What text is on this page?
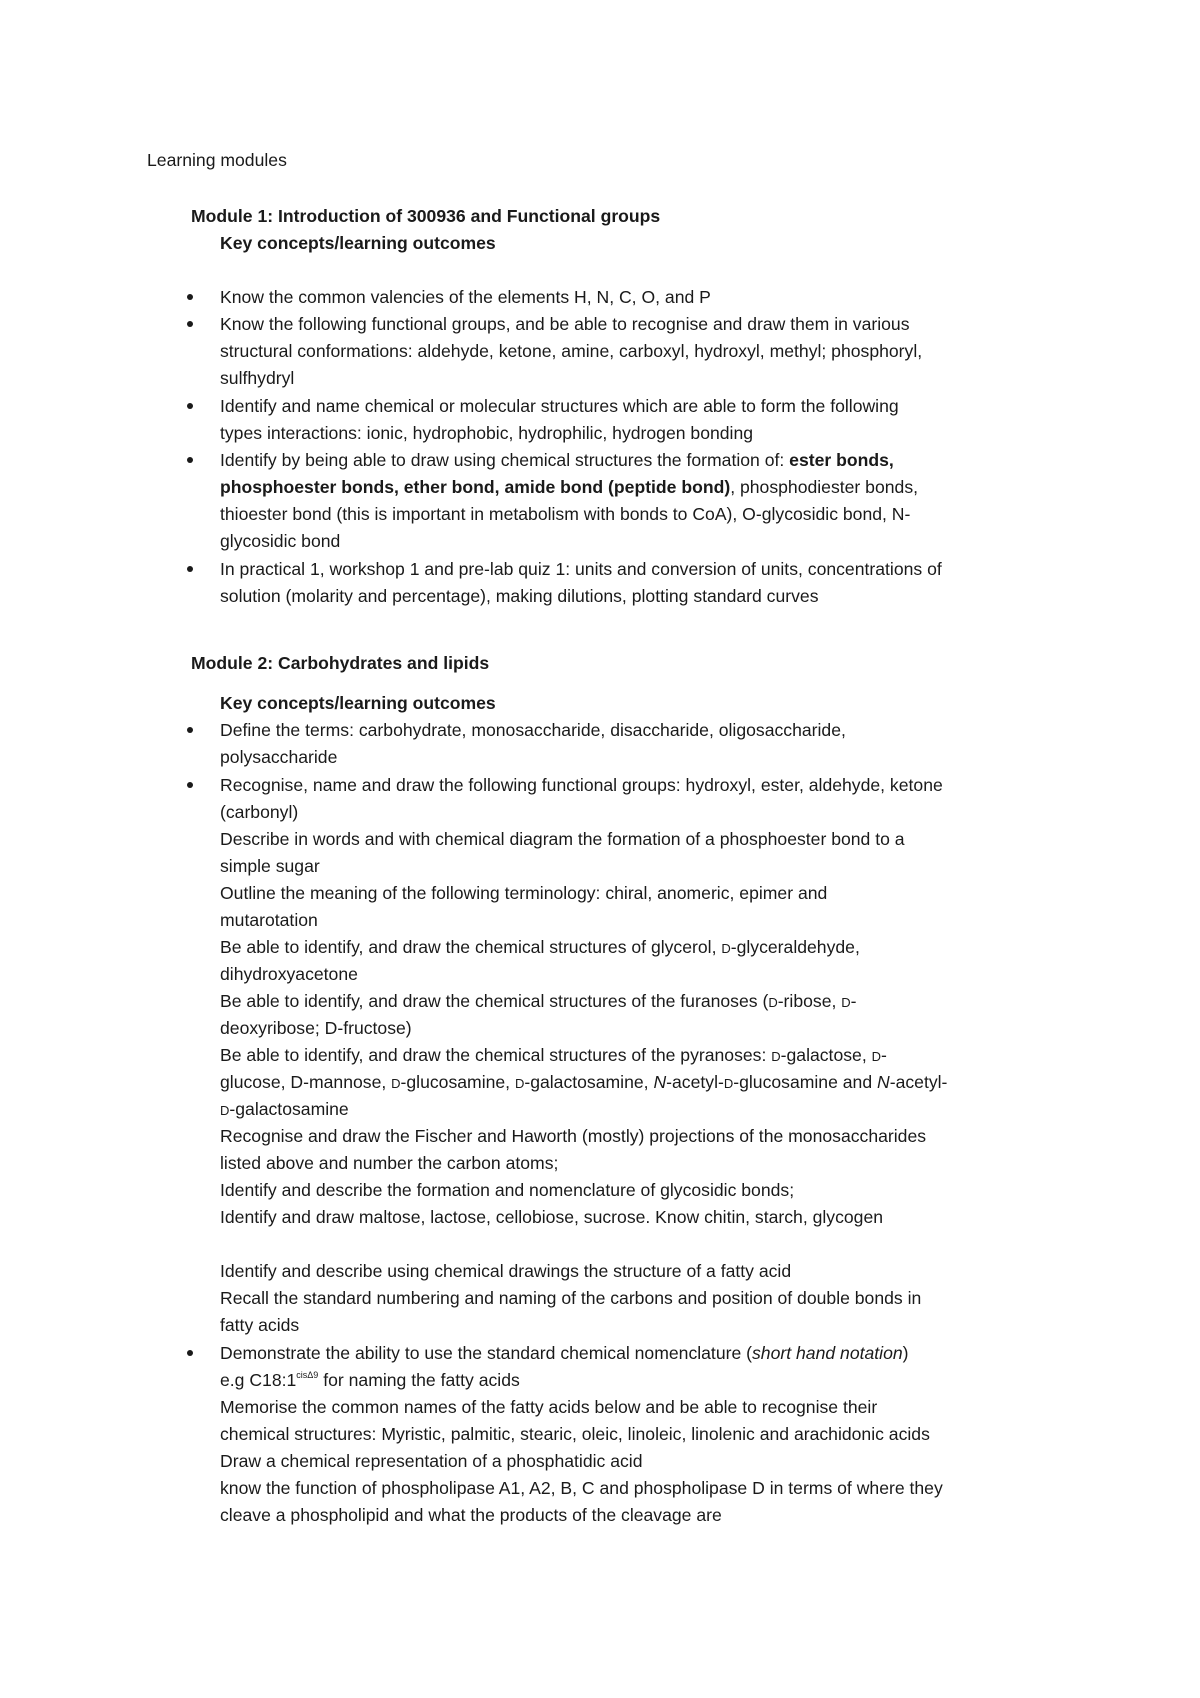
Learning modules
Module 1: Introduction of 300936 and Functional groups
Key concepts/learning outcomes
Know the common valencies of the elements H, N, C, O, and P
Know the following functional groups, and be able to recognise and draw them in various
structural conformations: aldehyde, ketone, amine, carboxyl, hydroxyl, methyl; phosphoryl,
sulfhydryl
Identify and name chemical or molecular structures which are able to form the following
types interactions: ionic, hydrophobic, hydrophilic, hydrogen bonding
Identify by being able to draw using chemical structures the formation of: ester bonds,
phosphoester bonds, ether bond, amide bond (peptide bond), phosphodiester bonds,
thioester bond (this is important in metabolism with bonds to CoA), O-glycosidic bond, N-
glycosidic bond
In practical 1, workshop 1 and pre-lab quiz 1: units and conversion of units, concentrations of
solution (molarity and percentage), making dilutions, plotting standard curves
Module 2: Carbohydrates and lipids
Key concepts/learning outcomes
Define the terms: carbohydrate, monosaccharide, disaccharide, oligosaccharide,
polysaccharide
Recognise, name and draw the following functional groups: hydroxyl, ester, aldehyde, ketone
(carbonyl)
Describe in words and with chemical diagram the formation of a phosphoester bond to a
simple sugar
Outline the meaning of the following terminology: chiral, anomeric, epimer and
mutarotation
Be able to identify, and draw the chemical structures of glycerol, D-glyceraldehyde,
dihydroxyacetone
Be able to identify, and draw the chemical structures of the furanoses (D-ribose, D-
deoxyribose; D-fructose)
Be able to identify, and draw the chemical structures of the pyranoses: D-galactose, D-
glucose, D-mannose, D-glucosamine, D-galactosamine, N-acetyl-D-glucosamine and N-acetyl-
D-galactosamine
Recognise and draw the Fischer and Haworth (mostly) projections of the monosaccharides
listed above and number the carbon atoms;
Identify and describe the formation and nomenclature of glycosidic bonds;
Identify and draw maltose, lactose, cellobiose, sucrose. Know chitin, starch, glycogen
Identify and describe using chemical drawings the structure of a fatty acid
Recall the standard numbering and naming of the carbons and position of double bonds in
fatty acids
Demonstrate the ability to use the standard chemical nomenclature (short hand notation)
e.g $C18:1^{cis\Delta 9}$ for naming the fatty acids
Memorise the common names of the fatty acids below and be able to recognise their
chemical structures: Myristic, palmitic, stearic, oleic, linoleic, linolenic and arachidonic acids
Draw a chemical representation of a phosphatidic acid
know the function of phospholipase A1, A2, B, C and phospholipase D in terms of where they
cleave a phospholipid and what the products of the cleavage are
